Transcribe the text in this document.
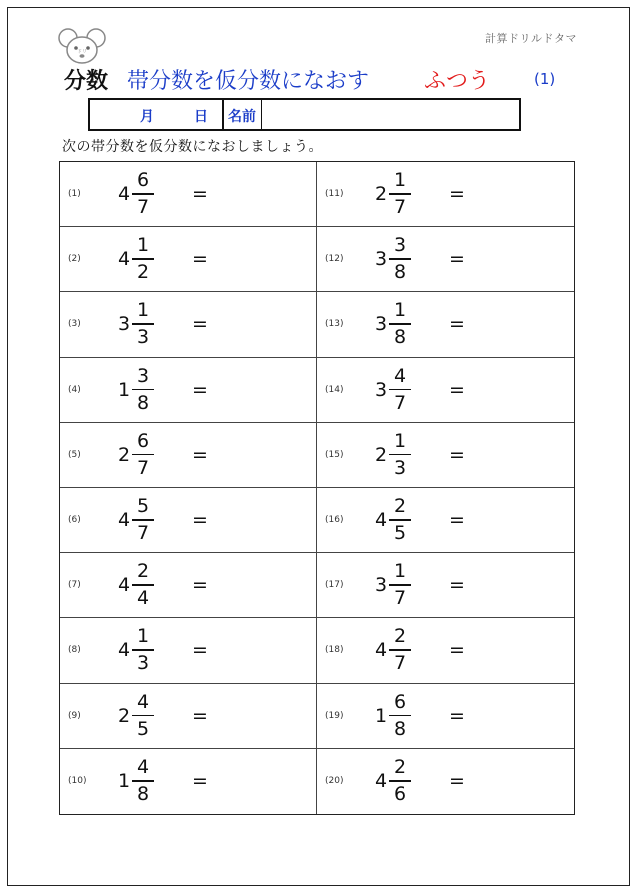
計算ドリルドタマ
ドリ
分数 帯分数を仮分数になおす ふつう	(1)
月	日 名前
次の帯分数を仮分数になおしましょう。
(1) 4
6
7
=	(11) 2
1
7
=
(2) 4
1
2
=	(12) 3
3
8
=
(3) 3
1
3
=	(13) 3
1
8
=
(4) 1
3
8
=	(14) 3
4
7
=
(5) 2
6
7
=	(15) 2
1
3
=
(6) 4
5
7
=	(16) 4
2
5
=
(7) 4
2
4
=	(17) 3
1
7
=
(8) 4
1
3
=	(18) 4
2
7
=
(9) 2
4
5
=	(19) 1
6
8
=
(10) 1
4
8
=	(20) 4
2
6
=
